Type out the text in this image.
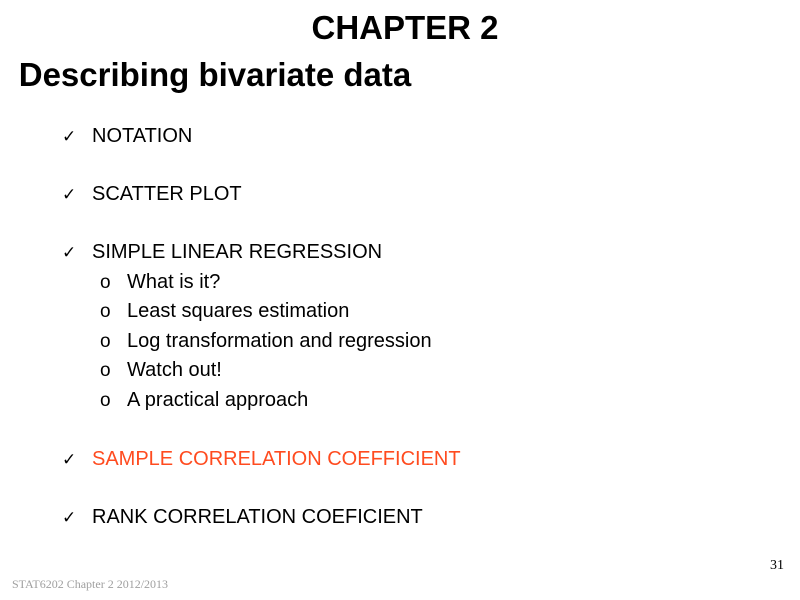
CHAPTER 2
Describing bivariate data
✓ NOTATION
✓ SCATTER PLOT
✓ SIMPLE LINEAR REGRESSION
o What is it?
o Least squares estimation
o Log transformation and regression
o Watch out!
o A practical approach
✓ SAMPLE CORRELATION COEFFICIENT
✓ RANK CORRELATION COEFICIENT
31
STAT6202 Chapter 2 2012/2013
